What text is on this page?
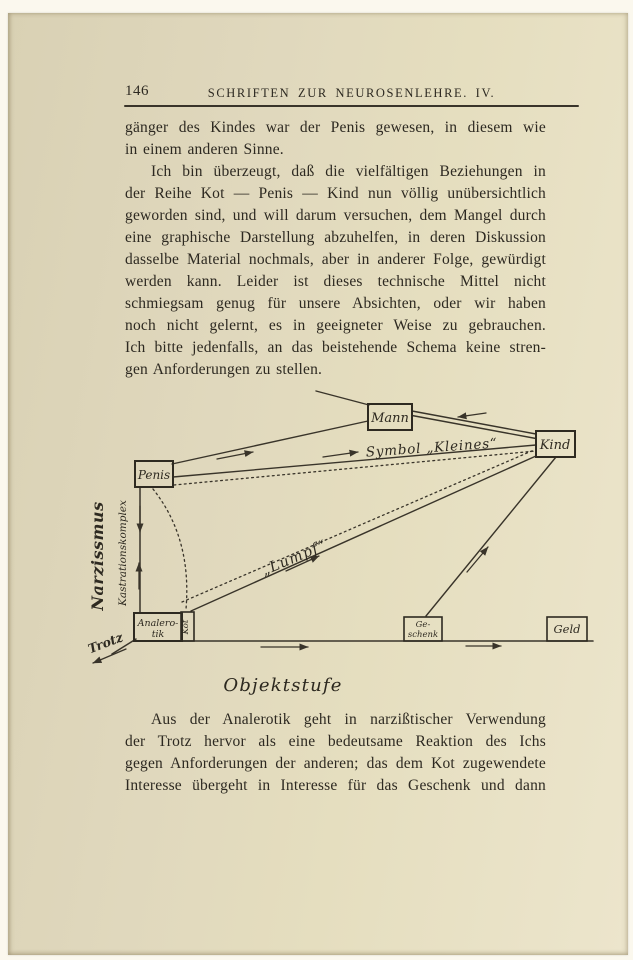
146	SCHRIFTEN ZUR NEUROSENLEHRE. IV.
gänger des Kindes war der Penis gewesen, in diesem wie
in einem anderen Sinne.
Ich bin überzeugt, daß die vielfältigen Beziehungen in
der Reihe Kot — Penis — Kind nun völlig unübersichtlich
geworden sind, und will darum versuchen, dem Mangel durch
eine graphische Darstellung abzuhelfen, in deren Diskussion
dasselbe Material nochmals, aber in anderer Folge, gewürdigt
werden kann. Leider ist dieses technische Mittel nicht
schmiegsam genug für unsere Absichten, oder wir haben
noch nicht gelernt, es in geeigneter Weise zu gebrauchen.
Ich bitte jedenfalls, an das beistehende Schema keine stren-
gen Anforderungen zu stellen.
Objektstufe
Aus der Analerotik geht in narzißtischer Verwendung
der Trotz hervor als eine bedeutsame Reaktion des Ichs
gegen Anforderungen der anderen; das dem Kot zugewendete
Interesse übergeht in Interesse für das Geschenk und dann
Mann
Kind
Penis
Analero-
tik
Kot	Ge-
schenk	Geld
Symbol „Kleines“
„Lumpf“
Narzissmus Kastrationskomplex
Trotz
